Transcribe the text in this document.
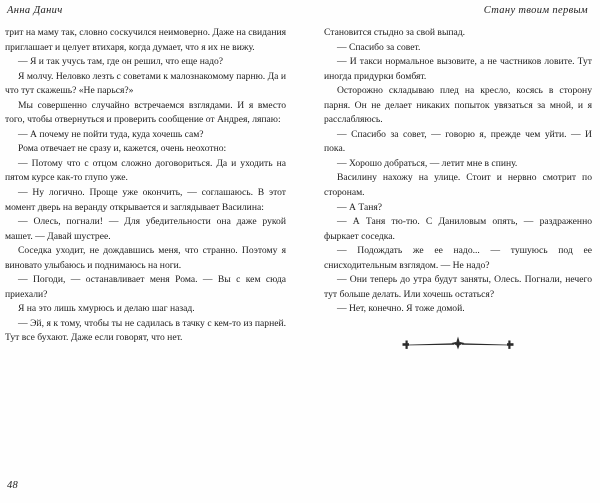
Анна Данич

трит на маму так, словно соскучился неимоверно. Даже на свидания приглашает и целует втихаря, когда думает, что я их не вижу.

— Я и так учусь там, где он решил, что еще надо?

Я молчу. Неловко лезть с советами к малознакомому парню. Да и что тут скажешь? «Не парься?»

Мы совершенно случайно встречаемся взглядами. И я вместо того, чтобы отвернуться и проверить сообщение от Андрея, ляпаю:

— А почему не пойти туда, куда хочешь сам?

Рома отвечает не сразу и, кажется, очень неохотно:

— Потому что с отцом сложно договориться. Да и уходить на пятом курсе как-то глупо уже.

— Ну логично. Проще уже окончить, — соглашаюсь. В этот момент дверь на веранду открывается и заглядывает Василина:

— Олесь, погнали! — Для убедительности она даже рукой машет. — Давай шустрее.

Соседка уходит, не дождавшись меня, что странно. Поэтому я виновато улыбаюсь и поднимаюсь на ноги.

— Погоди, — останавливает меня Рома. — Вы с кем сюда приехали?

Я на это лишь хмурюсь и делаю шаг назад.

— Эй, я к тому, чтобы ты не садилась в тачку с кем-то из парней. Тут все бухают. Даже если говорят, что нет.

48
Стану твоим первым

Становится стыдно за свой выпад.

— Спасибо за совет.

— И такси нормальное вызовите, а не частников ловите. Тут иногда придурки бомбят.

Осторожно складываю плед на кресло, косясь в сторону парня. Он не делает никаких попыток увязаться за мной, и я расслабляюсь.

— Спасибо за совет, — говорю я, прежде чем уйти. — И пока.

— Хорошо добраться, — летит мне в спину.

Василину нахожу на улице. Стоит и нервно смотрит по сторонам.

— А Таня?

— А Таня тю-тю. С Даниловым опять, — раздраженно фыркает соседка.

— Подождать же ее надо... — тушуюсь под ее снисходительным взглядом. — Не надо?

— Они теперь до утра будут заняты, Олесь. Погнали, нечего тут больше делать. Или хочешь остаться?

— Нет, конечно. Я тоже домой.
